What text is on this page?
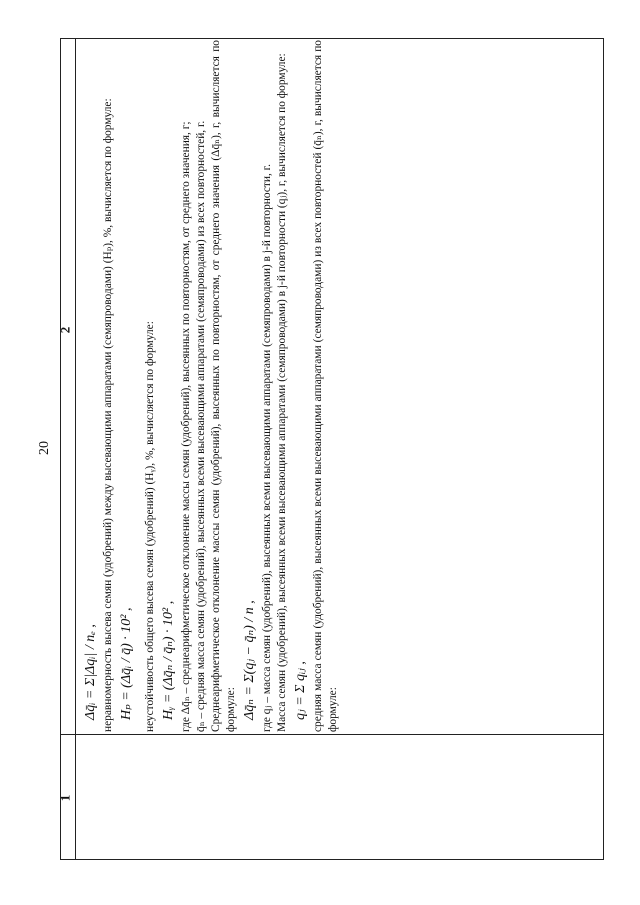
20
1
2
Δq̄ᵢ = Σ|Δqᵢ| / nₑ , неравномерность высева семян (удобрений) между высевающими аппаратами (семяпроводами) (Hₚ), %, вычисляется по формуле: Hₚ = (Δq̄ᵢ / q̄) · 10² , неустойчивость общего высева семян (удобрений) (Hᵧ), %, вычисляется по формуле: Hᵧ = (Δq̄ₙ / q̄ₙ) · 10² , где Δq̄ₙ – среднеарифметическое отклонение массы семян (удобрений), высеянных по повторностям, от среднего значения, г; q̄ₙ – средняя масса семян (удобрений), высеянных всеми высевающими аппаратами (семяпроводами) из всех повторностей, г. Среднеарифметическое отклонение массы семян (удобрений), высеянных по повторностям, от среднего значения (Δq̄ₙ), г, вычисляется по формуле: Δq̄ₙ = Σ(qⱼ − q̄ₙ) / n , где qⱼ – масса семян (удобрений), высеянных всеми высевающими аппаратами (семяпроводами) в j-й повторности, г. Масса семян (удобрений), высеянных всеми высевающими аппаратами (семяпроводами) в j-й повторности (qⱼ), г, вычисляется по формуле: qⱼ = Σ qᵢⱼ , средняя масса семян (удобрений), высеянных всеми высевающими аппаратами (семяпроводами) из всех повторностей (q̄ₙ), г, вычисляется по формуле:
